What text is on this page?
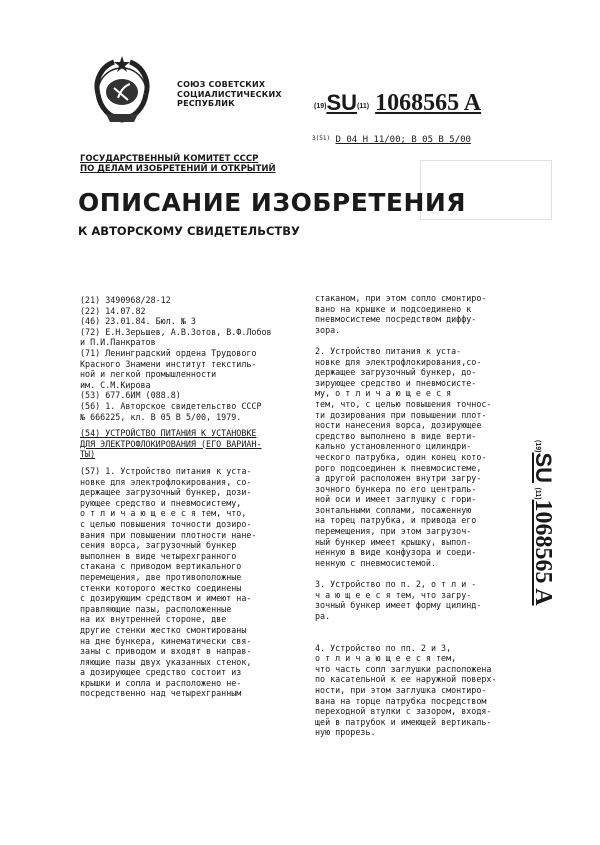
СОЮЗ СОВЕТСКИХ
СОЦИАЛИСТИЧЕСКИХ
РЕСПУБЛИК	(19)SU(11) 1068565 A
$^{3(51)}$ D 04 H 11/00; B 05 B 5/00
ГОСУДАРСТВЕННЫЙ КОМИТЕТ СССР
ПО ДЕЛАМ ИЗОБРЕТЕНИЙ И ОТКРЫТИЙ
ОПИСАНИЕ ИЗОБРЕТЕНИЯ
К АВТОРСКОМУ СВИДЕТЕЛЬСТВУ
(21) 3490968/28-12
(22) 14.07.82
(46) 23.01.84. Бюл. № 3
(72) Е.Н.Зерьшев, А.В.Зотов, В.Ф.Лобов
и П.И.Панкратов
(71) Ленинградский ордена Трудового
Красного Знамени институт текстиль-
ной и легкой промышленности
им. С.М.Кирова
(53) 677.6ИМ (088.8)
(56) 1. Авторское свидетельство СССР
№ 666225, кл. В 05 В 5/00, 1979.
(54) УСТРОЙСТВО ПИТАНИЯ К УСТАНОВКЕ
ДЛЯ ЭЛЕКТРОФЛОКИРОВАНИЯ (ЕГО ВАРИАН-
ТЫ)
(57) 1. Устройство питания к уста-
новке для электрофлокирования, со-
держащее загрузочный бункер, дози-
рующее средство и пневмосистему,
о т л и ч а ю щ е е с я тем, что,
с целью повышения точности дозиро-
вания при повышении плотности нане-
сения ворса, загрузочный бункер
выполнен в виде четырехгранного
стакана с приводом вертикального
перемещения, две противоположные
стенки которого жестко соединены
с дозирующим средством и имеют на-
правляющие пазы, расположенные
на их внутренней стороне, две
другие стенки жестко смонтированы
на дне бункера, кинематически свя-
заны с приводом и входят в направ-
ляющие пазы двух указанных стенок,
а дозирующее средство состоит из
крышки и сопла и расположено не-
посредственно над четырехгранным
стаканом, при этом сопло смонтиро-
вано на крышке и подсоединено к
пневмосистеме посредством диффу-
зора.
2. Устройство питания к уста-
новке для электрофлокирования,со-
держащее загрузочный бункер, до-
зирующее средство и пневмосисте-
му, о т л и ч а ю щ е е с я
тем, что, с целью повышения точнос-
ти дозирования при повышении плот-
ности нанесения ворса, дозирующее
средство выполнено в виде верти-
кально установленного цилиндри-
ческого патрубка, один конец кото-
рого подсоединен к пневмосистеме,
а другой расположен внутри загру-
зочного бункера по его централь-
ной оси и имеет заглушку с гори-
зонтальными соплами, посаженную
на торец патрубка, и привода его
перемещения, при этом загрузоч-
ный бункер имеет крышку, выпол-
ненную в виде конфузора и соеди-
ненную с пневмосистемой.
3. Устройство по п. 2, о т л и -
ч а ю щ е е с я тем, что загру-
зочный бункер имеет форму цилинд-
ра.
4. Устройство по пп. 2 и 3,
о т л и ч а ю щ е е с я тем,
что часть сопл заглушки расположена
по касательной к ее наружной поверх-
ности, при этом заглушка смонтиро-
вана на торце патрубка посредством
переходной втулки с зазором, входя-
щей в патрубок и имеющей вертикаль-
ную прорезь.
(19)SU (11)1068565 A
